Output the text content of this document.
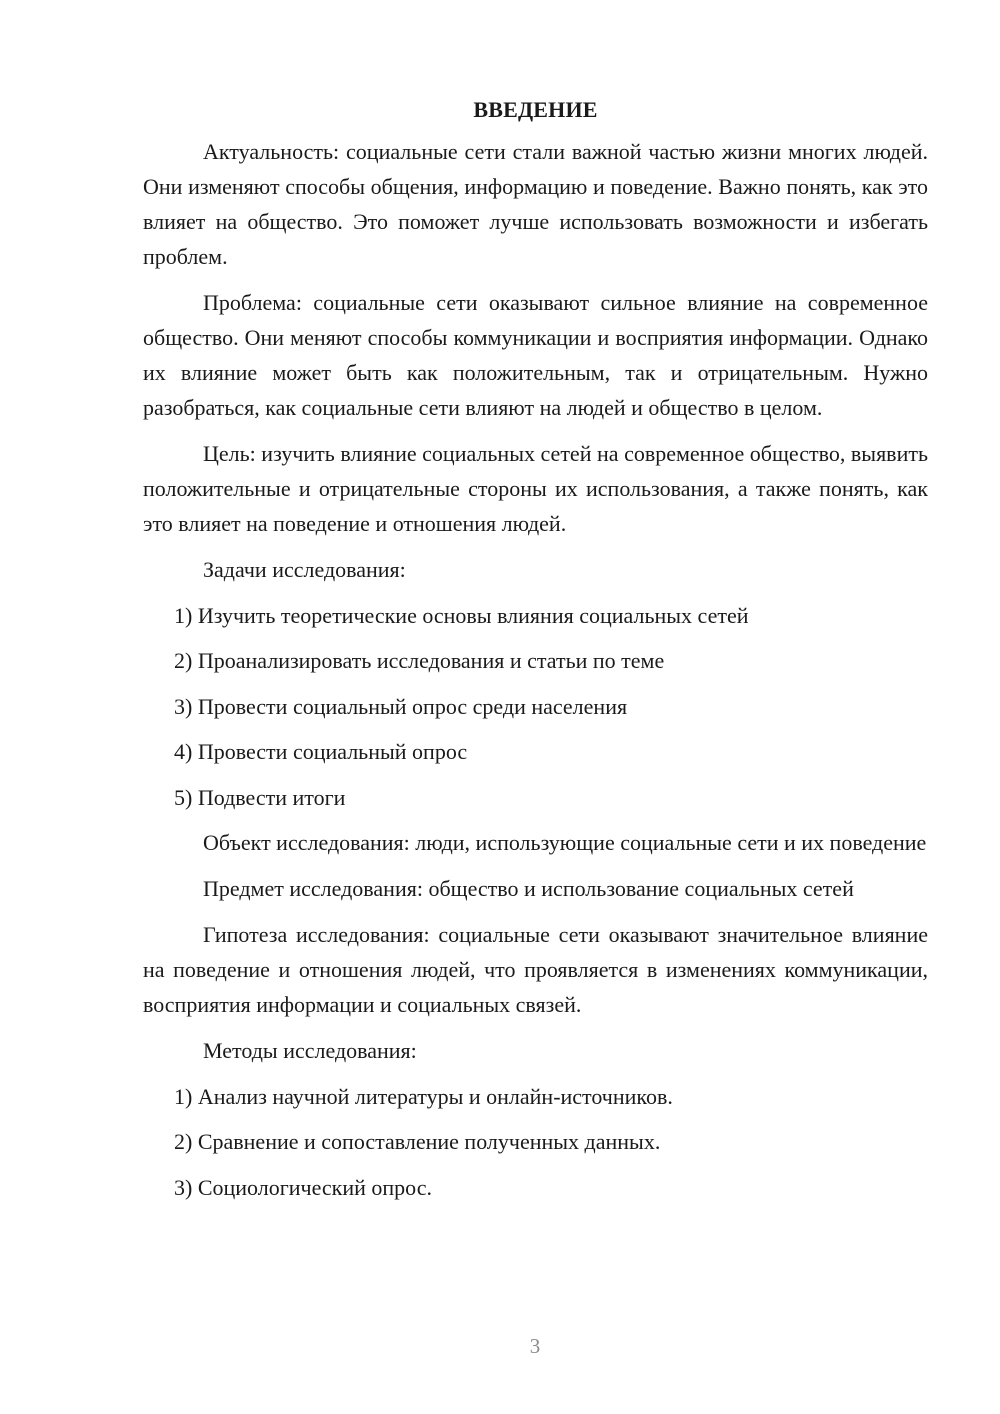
ВВЕДЕНИЕ

Актуальность: социальные сети стали важной частью жизни многих людей. Они изменяют способы общения, информацию и поведение. Важно понять, как это влияет на общество. Это поможет лучше использовать возможности и избегать проблем.

Проблема: социальные сети оказывают сильное влияние на современное общество. Они меняют способы коммуникации и восприятия информации. Однако их влияние может быть как положительным, так и отрицательным. Нужно разобраться, как социальные сети влияют на людей и общество в целом.

Цель: изучить влияние социальных сетей на современное общество, выявить положительные и отрицательные стороны их использования, а также понять, как это влияет на поведение и отношения людей.

Задачи исследования:

1) Изучить теоретические основы влияния социальных сетей

2) Проанализировать исследования и статьи по теме

3) Провести социальный опрос среди населения

4) Провести социальный опрос

5) Подвести итоги

Объект исследования: люди, использующие социальные сети и их поведение

Предмет исследования: общество и использование социальных сетей

Гипотеза исследования: социальные сети оказывают значительное влияние на поведение и отношения людей, что проявляется в изменениях коммуникации, восприятия информации и социальных связей.

Методы исследования:

1) Анализ научной литературы и онлайн-источников.

2) Сравнение и сопоставление полученных данных.

3) Социологический опрос.

3
